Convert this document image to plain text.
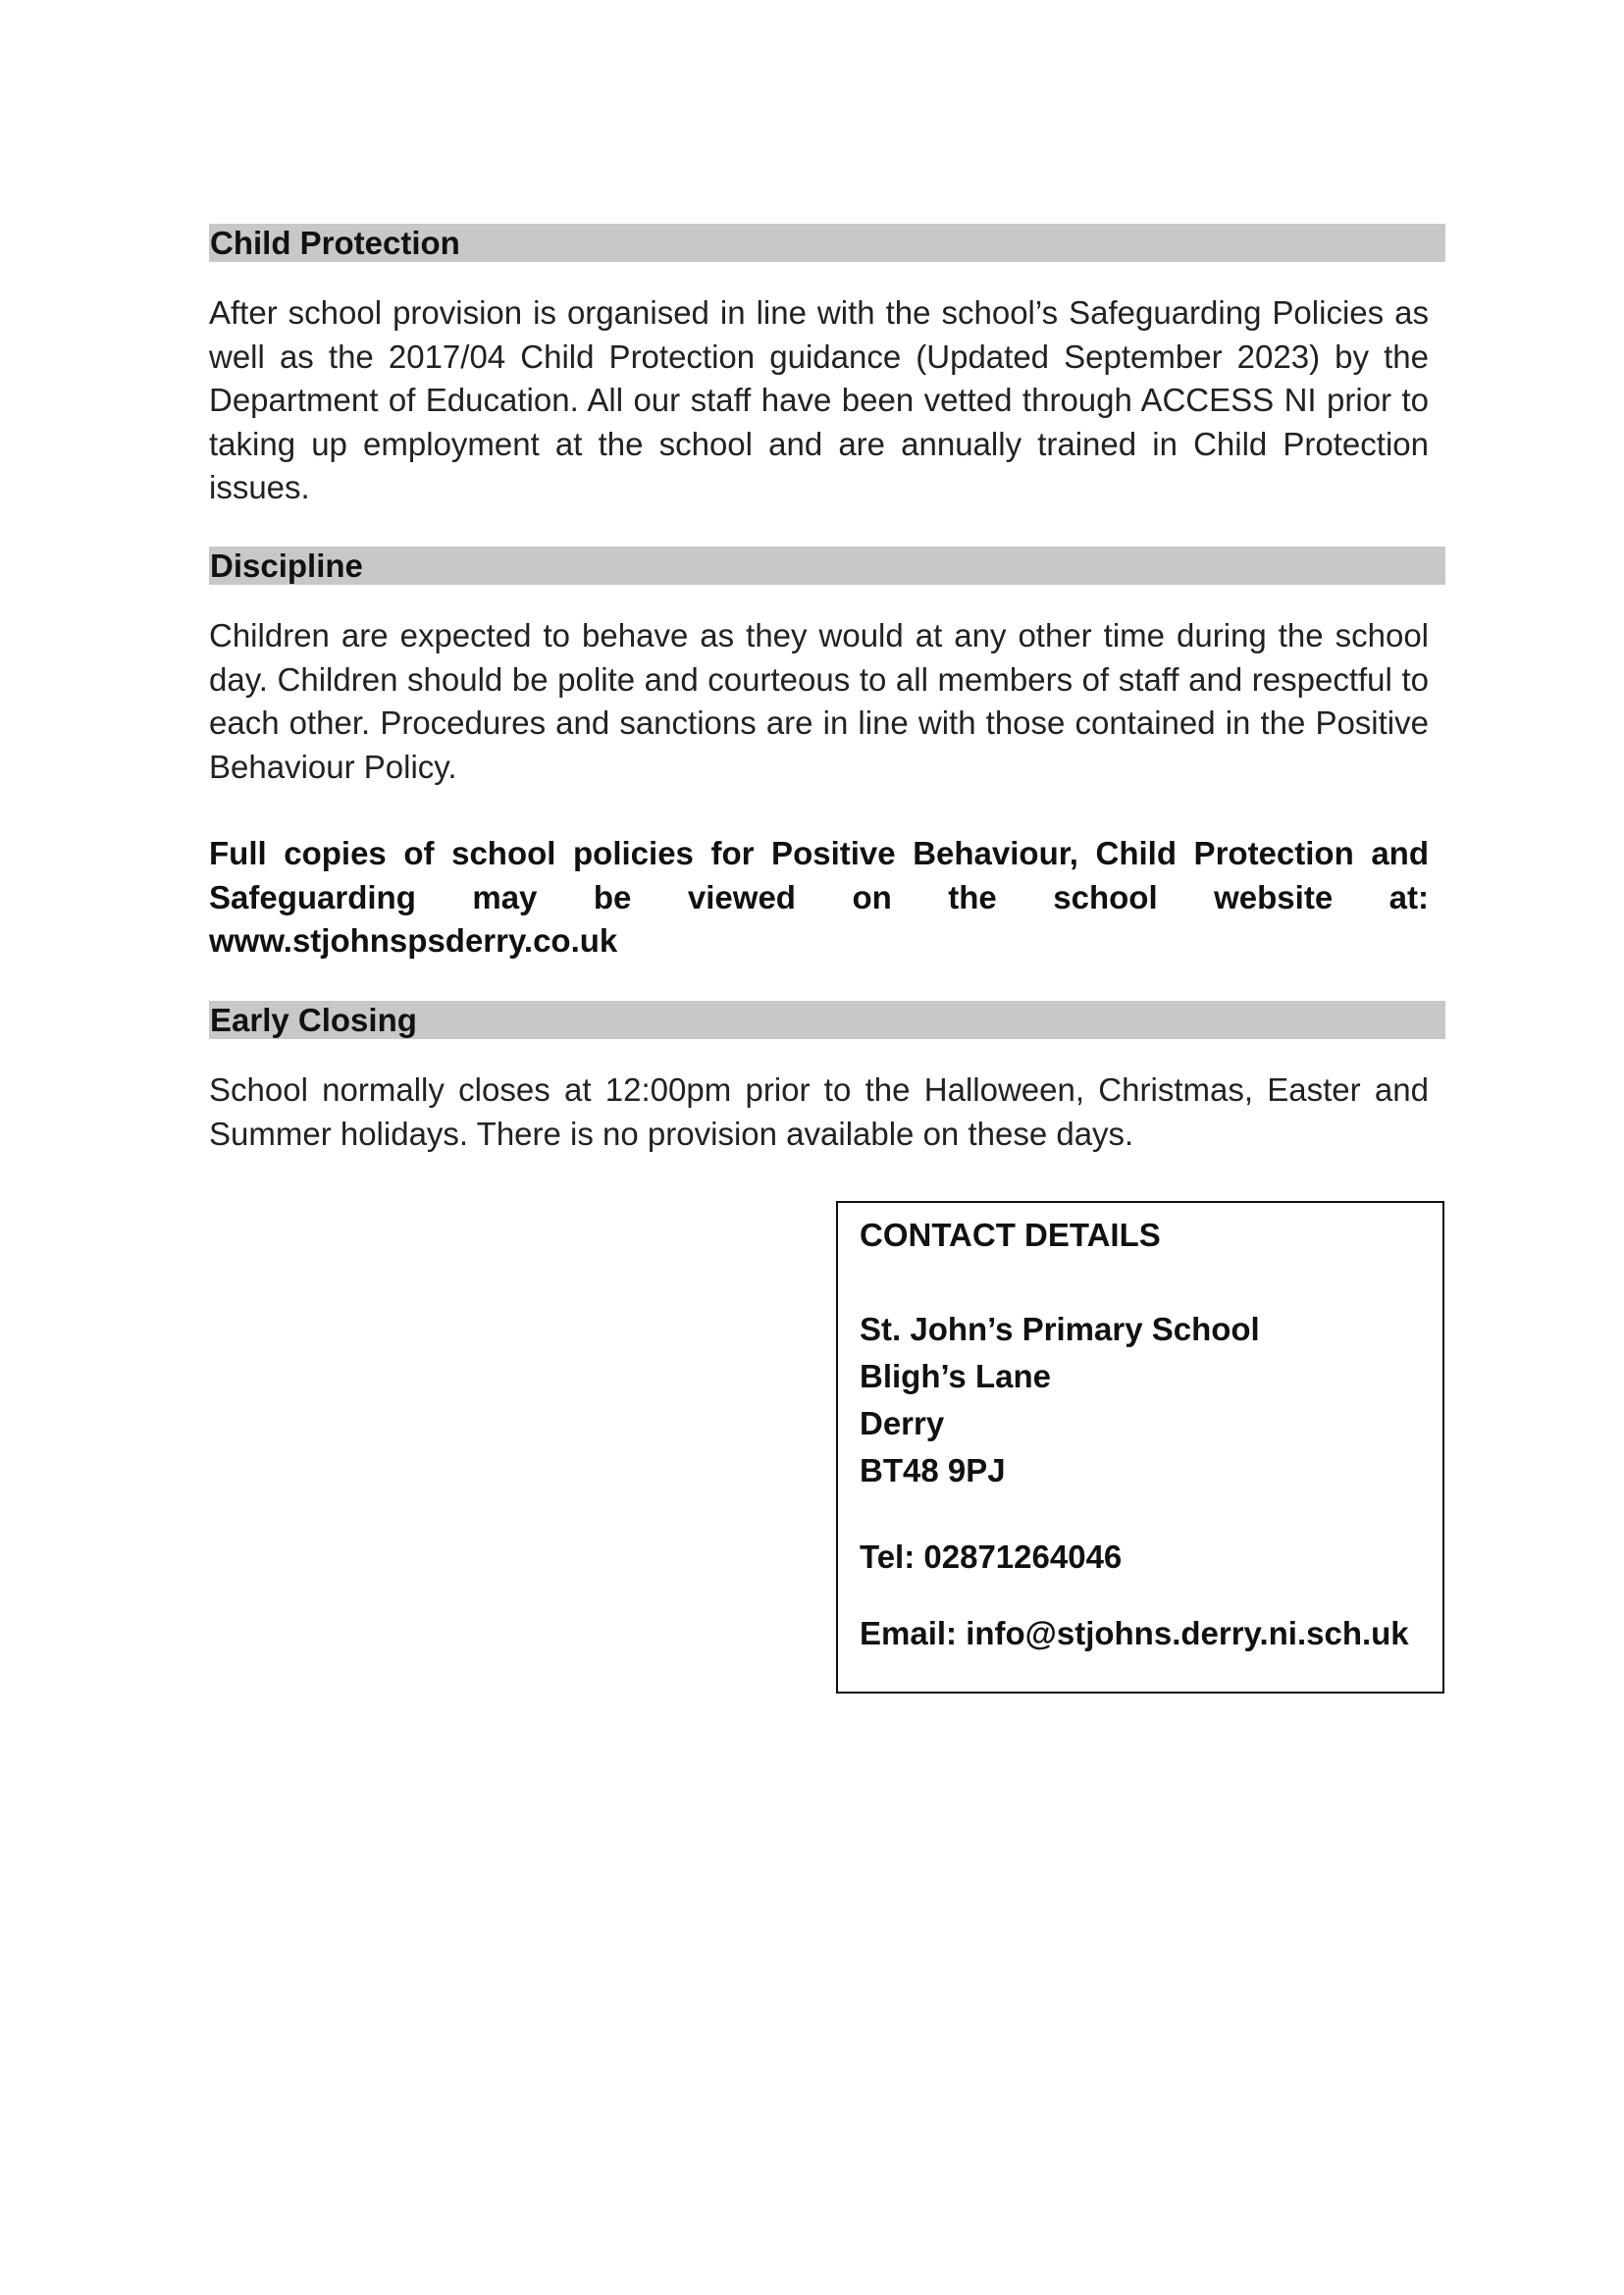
Child Protection
After school provision is organised in line with the school’s Safeguarding Policies as well as the 2017/04 Child Protection guidance (Updated September 2023) by the Department of Education. All our staff have been vetted through ACCESS NI prior to taking up employment at the school and are annually trained in Child Protection issues.
Discipline
Children are expected to behave as they would at any other time during the school day. Children should be polite and courteous to all members of staff and respectful to each other. Procedures and sanctions are in line with those contained in the Positive Behaviour Policy.
Full copies of school policies for Positive Behaviour, Child Protection and Safeguarding may be viewed on the school website at: www.stjohnspsderry.co.uk
Early Closing
School normally closes at 12:00pm prior to the Halloween, Christmas, Easter and Summer holidays. There is no provision available on these days.
CONTACT DETAILS
St. John’s Primary School
Bligh’s Lane
Derry
BT48 9PJ
Tel: 02871264046
Email: info@stjohns.derry.ni.sch.uk
